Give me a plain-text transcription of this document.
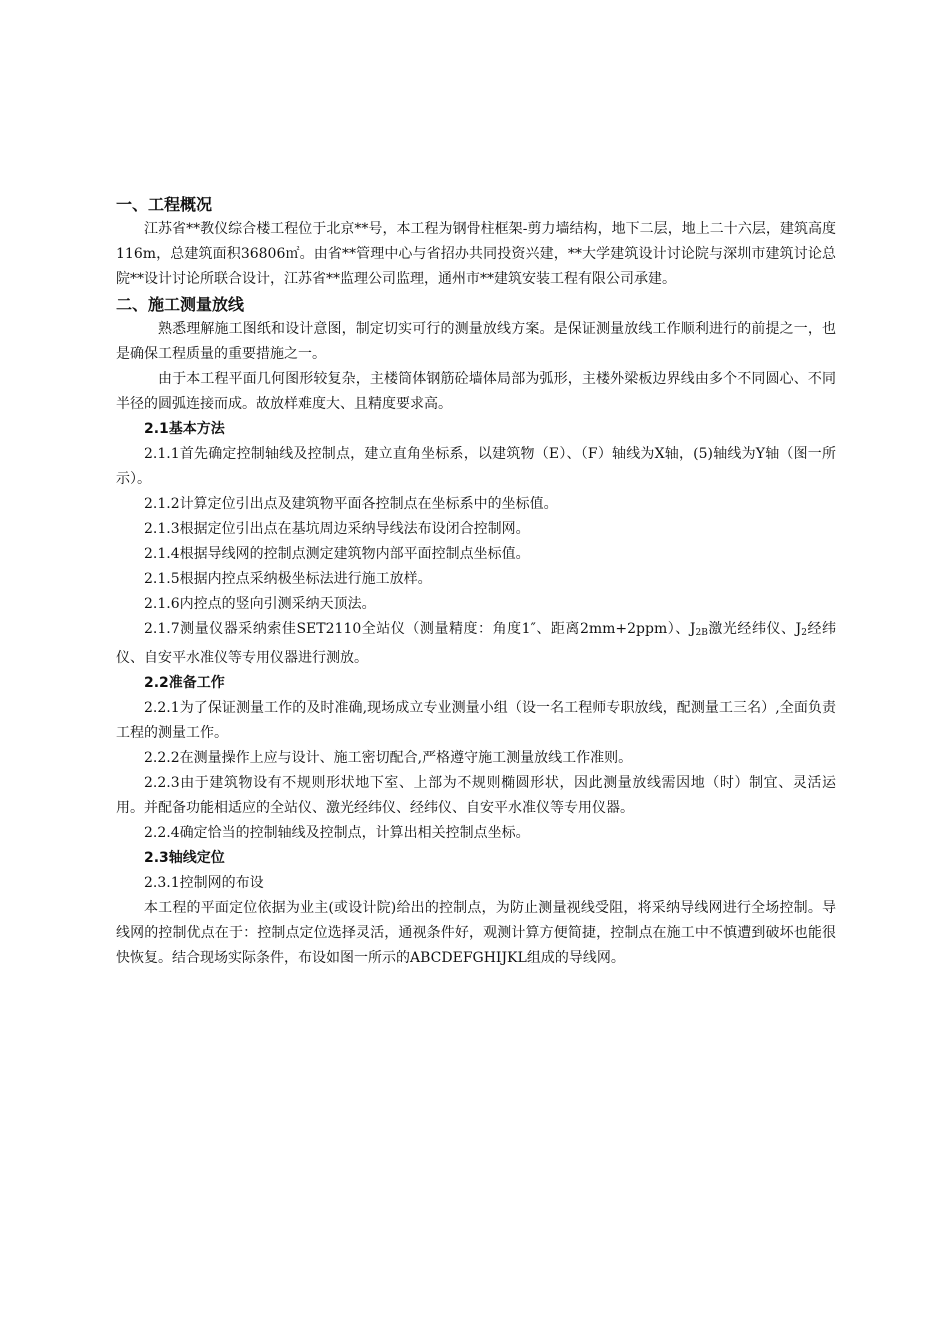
一、工程概况

江苏省**教仪综合楼工程位于北京**号，本工程为钢骨柱框架-剪力墙结构，地下二层，地上二十六层，建筑高度116m，总建筑面积36806㎡。由省**管理中心与省招办共同投资兴建，**大学建筑设计讨论院与深圳市建筑讨论总院**设计讨论所联合设计，江苏省**监理公司监理，通州市**建筑安装工程有限公司承建。

二、施工测量放线

熟悉理解施工图纸和设计意图，制定切实可行的测量放线方案。是保证测量放线工作顺利进行的前提之一，也是确保工程质量的重要措施之一。

由于本工程平面几何图形较复杂，主楼筒体钢筋砼墙体局部为弧形，主楼外梁板边界线由多个不同圆心、不同半径的圆弧连接而成。故放样难度大、且精度要求高。

2.1基本方法

2.1.1首先确定控制轴线及控制点，建立直角坐标系，以建筑物（E）、（F）轴线为X轴，(5)轴线为Y轴（图一所示）。

2.1.2计算定位引出点及建筑物平面各控制点在坐标系中的坐标值。

2.1.3根据定位引出点在基坑周边采纳导线法布设闭合控制网。

2.1.4根据导线网的控制点测定建筑物内部平面控制点坐标值。

2.1.5根据内控点采纳极坐标法进行施工放样。

2.1.6内控点的竖向引测采纳天顶法。

2.1.7测量仪器采纳索佳SET2110全站仪（测量精度：角度1″、距离2mm+2ppm）、$J_{2B}$激光经纬仪、$J_2$经纬仪、自安平水准仪等专用仪器进行测放。

2.2准备工作

2.2.1为了保证测量工作的及时准确,现场成立专业测量小组（设一名工程师专职放线，配测量工三名）,全面负责工程的测量工作。

2.2.2在测量操作上应与设计、施工密切配合,严格遵守施工测量放线工作准则。

2.2.3由于建筑物设有不规则形状地下室、上部为不规则椭圆形状，因此测量放线需因地（时）制宜、灵活运用。并配备功能相适应的全站仪、激光经纬仪、经纬仪、自安平水准仪等专用仪器。

2.2.4确定恰当的控制轴线及控制点，计算出相关控制点坐标。

2.3轴线定位

2.3.1控制网的布设

本工程的平面定位依据为业主(或设计院)给出的控制点，为防止测量视线受阻，将采纳导线网进行全场控制。导线网的控制优点在于：控制点定位选择灵活，通视条件好，观测计算方便简捷，控制点在施工中不慎遭到破坏也能很快恢复。结合现场实际条件，布设如图一所示的ABCDEFGHIJKL组成的导线网。
